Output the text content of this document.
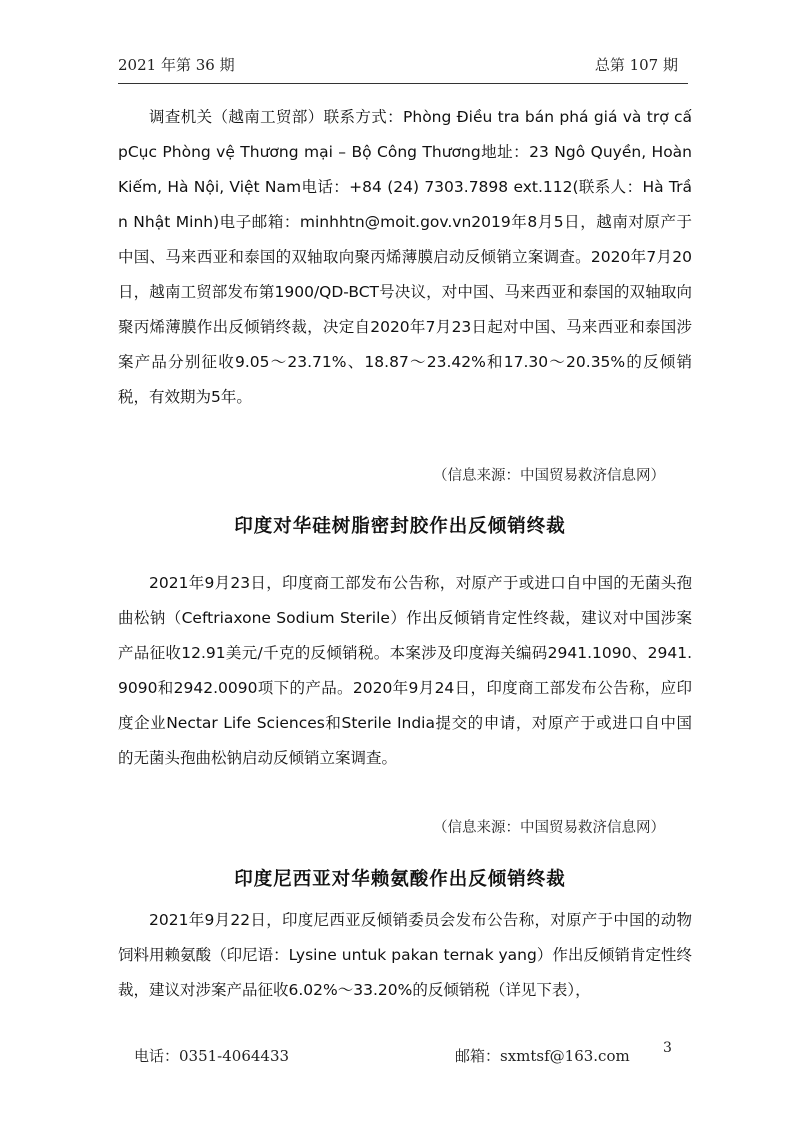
2021 年第 36 期	总第 107 期

调查机关（越南工贸部）联系方式：Phòng Điều tra bán phá giá và trợ cấpCục Phòng vệ Thương mại – Bộ Công Thương地址：23 Ngô Quyền, Hoàn Kiếm, Hà Nội, Việt Nam电话：+84 (24) 7303.7898 ext.112(联系人：Hà Trần Nhật Minh)电子邮箱：minhhtn@moit.gov.vn2019年8月5日，越南对原产于中国、马来西亚和泰国的双轴取向聚丙烯薄膜启动反倾销立案调查。2020年7月20日，越南工贸部发布第1900/QD-BCT号决议，对中国、马来西亚和泰国的双轴取向聚丙烯薄膜作出反倾销终裁，决定自2020年7月23日起对中国、马来西亚和泰国涉案产品分别征收9.05～23.71%、18.87～23.42%和17.30～20.35%的反倾销税，有效期为5年。

（信息来源：中国贸易救济信息网）
印度对华硅树脂密封胶作出反倾销终裁

2021年9月23日，印度商工部发布公告称，对原产于或进口自中国的无菌头孢曲松钠（Ceftriaxone Sodium Sterile）作出反倾销肯定性终裁，建议对中国涉案产品征收12.91美元/千克的反倾销税。本案涉及印度海关编码2941.1090、2941.9090和2942.0090项下的产品。2020年9月24日，印度商工部发布公告称，应印度企业Nectar Life Sciences和Sterile India提交的申请，对原产于或进口自中国的无菌头孢曲松钠启动反倾销立案调查。

（信息来源：中国贸易救济信息网）
印度尼西亚对华赖氨酸作出反倾销终裁

2021年9月22日，印度尼西亚反倾销委员会发布公告称，对原产于中国的动物饲料用赖氨酸（印尼语：Lysine untuk pakan ternak yang）作出反倾销肯定性终裁，建议对涉案产品征收6.02%～33.20%的反倾销税（详见下表），

电话：0351-4064433	邮箱：sxmtsf@163.com 3
